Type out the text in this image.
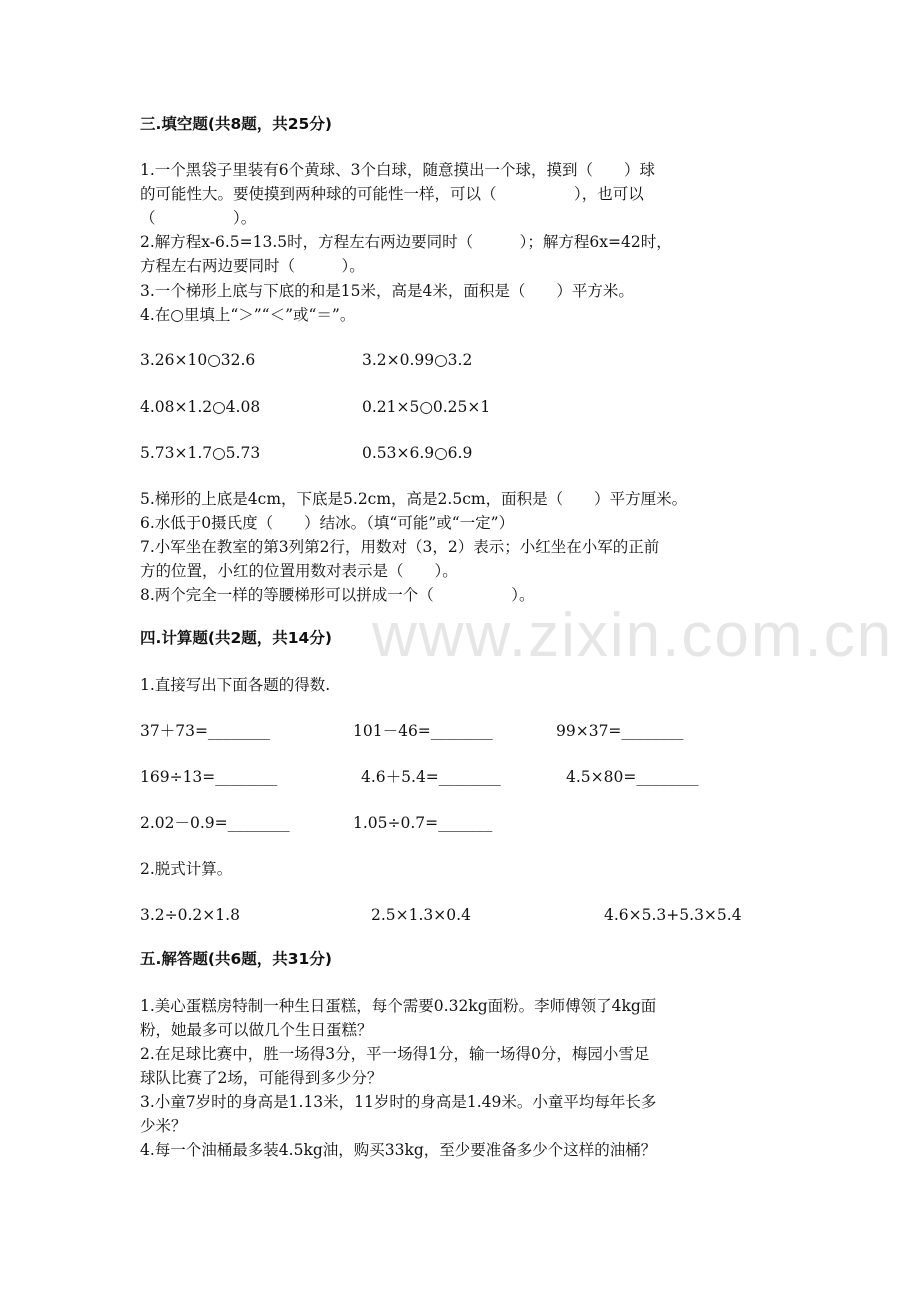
www.zixin.com.cn
三.填空题(共8题，共25分)
1.一个黑袋子里装有6个黄球、3个白球，随意摸出一个球，摸到（　　）球
的可能性大。要使摸到两种球的可能性一样，可以（　　　　　），也可以
（　　　　　）。
2.解方程x-6.5=13.5时，方程左右两边要同时（　　　）；解方程6x=42时，
方程左右两边要同时（　　　）。
3.一个梯形上底与下底的和是15米，高是4米，面积是（　　）平方米。
4.在○里填上“＞”“＜”或“＝”。
3.26×10○32.6	3.2×0.99○3.2
4.08×1.2○4.08	0.21×5○0.25×1
5.73×1.7○5.73	0.53×6.9○6.9
5.梯形的上底是4cm，下底是5.2cm，高是2.5cm，面积是（　　）平方厘米。
6.水低于0摄氏度（　　）结冰。（填“可能”或“一定”）
7.小军坐在教室的第3列第2行，用数对（3，2）表示；小红坐在小军的正前
方的位置，小红的位置用数对表示是（　　）。
8.两个完全一样的等腰梯形可以拼成一个（　　　　　）。
四.计算题(共2题，共14分)
1.直接写出下面各题的得数.
37＋73=________	101－46=________	99×37=________
169÷13=________	4.6＋5.4=________	4.5×80=________
2.02－0.9=________	1.05÷0.7=_______
2.脱式计算。
3.2÷0.2×1.8	2.5×1.3×0.4	4.6×5.3+5.3×5.4
五.解答题(共6题，共31分)
1.美心蛋糕房特制一种生日蛋糕，每个需要0.32kg面粉。李师傅领了4kg面
粉，她最多可以做几个生日蛋糕？
2.在足球比赛中，胜一场得3分，平一场得1分，输一场得0分，梅园小雪足
球队比赛了2场，可能得到多少分？
3.小童7岁时的身高是1.13米，11岁时的身高是1.49米。小童平均每年长多
少米？
4.每一个油桶最多装4.5kg油，购买33kg，至少要准备多少个这样的油桶？
